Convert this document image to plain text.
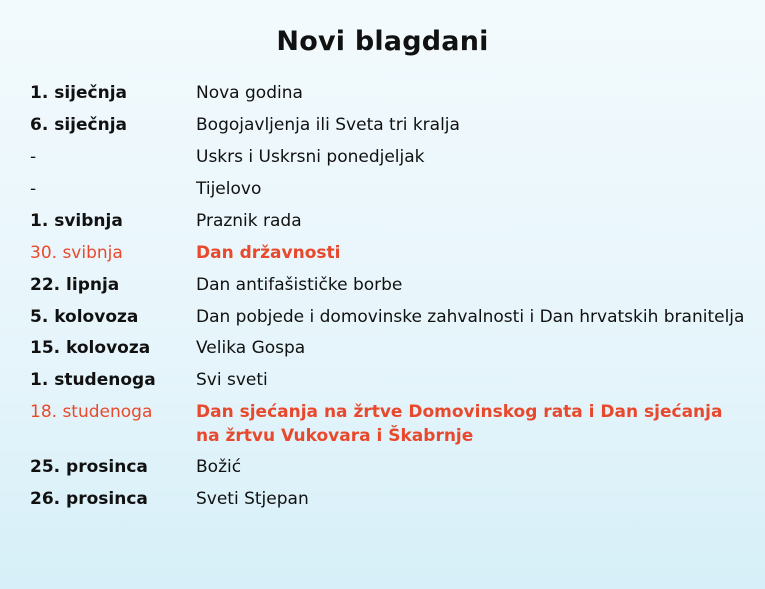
Novi blagdani
1. siječnja	Nova godina
6. siječnja	Bogojavljenja ili Sveta tri kralja
-	Uskrs i Uskrsni ponedjeljak
-	Tijelovo
1. svibnja	Praznik rada
30. svibnja	Dan državnosti
22. lipnja	Dan antifašističke borbe
5. kolovoza	Dan pobjede i domovinske zahvalnosti i Dan hrvatskih branitelja
15. kolovoza	Velika Gospa
1. studenoga	Svi sveti
18. studenoga	Dan sjećanja na žrtve Domovinskog rata i Dan sjećanja na žrtvu Vukovara i Škabrnje
25. prosinca	Božić
26. prosinca	Sveti Stjepan
